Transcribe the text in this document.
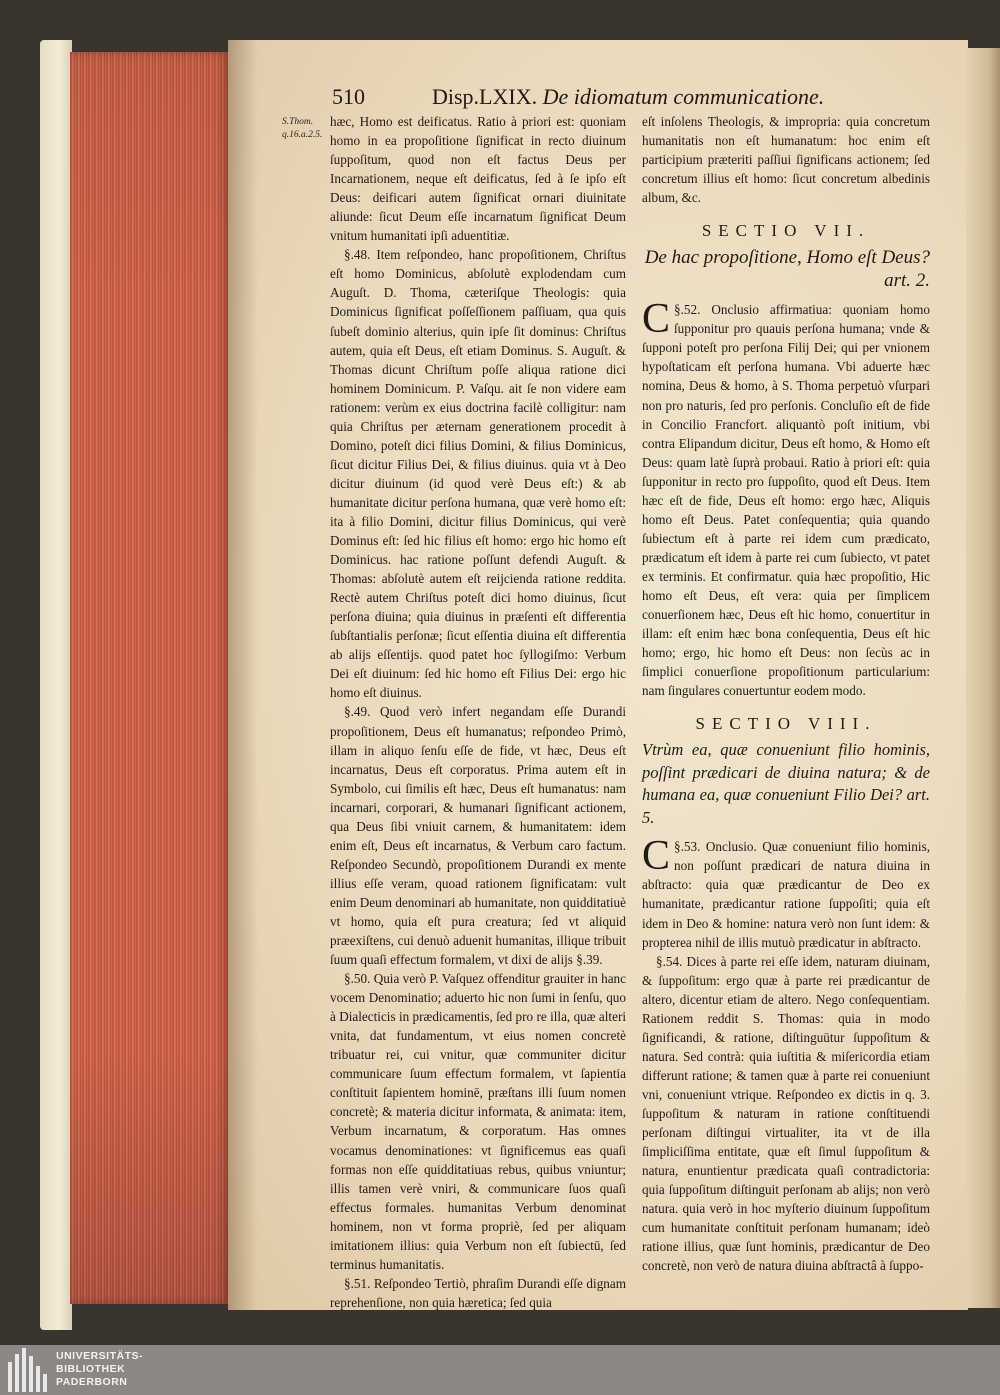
510	Disp.LXIX. De idiomatum communicatione.
S.Thom. q.16.a.2.5.

hæc, Homo est deificatus. Ratio à priori est: quoniam homo in ea propoſitione ſignificat in recto diuinum ſuppoſitum, quod non eſt factus Deus per Incarnationem, neque eſt deificatus, ſed à ſe ipſo eſt Deus: deificari autem ſignificat ornari diuinitate aliunde: ſicut Deum eſſe incarnatum ſignificat Deum vnitum humanitati ipſi aduentitiæ.

§.48. Item reſpondeo, hanc propoſitionem, Chriſtus eſt homo Dominicus, abſolutè explodendam cum Auguſt. D. Thoma, cæteriſque Theologis: quia Dominicus ſignificat poſſeſſionem paſſiuam, qua quis ſubeſt dominio alterius, quin ipſe ſit dominus: Chriſtus autem, quia eſt Deus, eſt etiam Dominus. S. Auguſt. & Thomas dicunt Chriſtum poſſe aliqua ratione dici hominem Dominicum. P. Vaſqu. ait ſe non videre eam rationem: verùm ex eius doctrina facilè colligitur: nam quia Chriſtus per æternam generationem procedit à Domino, poteſt dici filius Domini, & filius Dominicus, ſicut dicitur Filius Dei, & filius diuinus. quia vt à Deo dicitur diuinum (id quod verè Deus eſt:) & ab humanitate dicitur perſona humana, quæ verè homo eſt: ita à filio Domini, dicitur filius Dominicus, qui verè Dominus eſt: ſed hic filius eſt homo: ergo hic homo eſt Dominicus. hac ratione poſſunt defendi Auguſt. & Thomas: abſolutè autem eſt reijcienda ratione reddita. Rectè autem Chriſtus poteſt dici homo diuinus, ſicut perſona diuina; quia diuinus in præſenti eſt differentia ſubſtantialis perſonæ; ſicut eſſentia diuina eſt differentia ab alijs eſſentijs. quod patet hoc ſyllogiſmo: Verbum Dei eſt diuinum: ſed hic homo eſt Filius Dei: ergo hic homo eſt diuinus.

§.49. Quod verò infert negandam eſſe Durandi propoſitionem, Deus eſt humanatus; reſpondeo Primò, illam in aliquo ſenſu eſſe de fide, vt hæc, Deus eſt incarnatus, Deus eſt corporatus. Prima autem eſt in Symbolo, cui ſimilis eſt hæc, Deus eſt humanatus: nam incarnari, corporari, & humanari ſignificant actionem, qua Deus ſibi vniuit carnem, & humanitatem: idem enim eſt, Deus eſt incarnatus, & Verbum caro factum. Reſpondeo Secundò, propoſitionem Durandi ex mente illius eſſe veram, quoad rationem ſignificatam: vult enim Deum denominari ab humanitate, non quidditatiuè vt homo, quia eſt pura creatura; ſed vt aliquid præexiſtens, cui denuò aduenit humanitas, illique tribuit ſuum quaſi effectum formalem, vt dixi de alijs §.39.

§.50. Quia verò P. Vaſquez offenditur grauiter in hanc vocem Denominatio; aduerto hic non ſumi in ſenſu, quo à Dialecticis in prædicamentis, ſed pro re illa, quæ alteri vnita, dat fundamentum, vt eius nomen concretè tribuatur rei, cui vnitur, quæ communiter dicitur communicare ſuum effectum formalem, vt ſapientia conſtituit ſapientem hominē, præſtans illi ſuum nomen concretè; & materia dicitur informata, & animata: item, Verbum incarnatum, & corporatum. Has omnes vocamus denominationes: vt ſignificemus eas quaſi formas non eſſe quidditatiuas rebus, quibus vniuntur; illis tamen verè vniri, & communicare ſuos quaſi effectus formales. humanitas Verbum denominat hominem, non vt forma propriè, ſed per aliquam imitationem illius: quia Verbum non eſt ſubiectū, ſed terminus humanitatis.

§.51. Reſpondeo Tertiò, phraſim Durandi eſſe dignam reprehenſione, non quia hæretica; ſed quia

eſt inſolens Theologis, & impropria: quia concretum humanitatis non eſt humanatum: hoc enim eſt participium præteriti paſſiui ſignificans actionem; ſed concretum illius eſt homo: ſicut concretum albedinis album, &c.

SECTIO VII.
De hac propoſitione, Homo eſt Deus? art. 2.

§.52.
C	Onclusio affirmatiua: quoniam homo ſupponitur pro quauis perſona humana; vnde & ſupponi poteſt pro perſona Filij Dei; qui per vnionem hypoſtaticam eſt perſona humana. Vbi aduerte hæc nomina, Deus & homo, à S. Thoma perpetuò vſurpari non pro naturis, ſed pro perſonis. Concluſio eſt de fide in Concilio Francfort. aliquantò poſt initium, vbi contra Elipandum dicitur, Deus eſt homo, & Homo eſt Deus: quam latè ſuprà probaui. Ratio à priori eſt: quia ſupponitur in recto pro ſuppoſito, quod eſt Deus. Item hæc eſt de fide, Deus eſt homo: ergo hæc, Aliquis homo eſt Deus. Patet conſequentia; quia quando ſubiectum eſt à parte rei idem cum prædicato, prædicatum eſt idem à parte rei cum ſubiecto, vt patet ex terminis. Et confirmatur. quia hæc propoſitio, Hic homo eſt Deus, eſt vera: quia per ſimplicem conuerſionem hæc, Deus eſt hic homo, conuertitur in illam: eſt enim hæc bona conſequentia, Deus eſt hic homo; ergo, hic homo eſt Deus: non ſecùs ac in ſimplici conuerſione propoſitionum particularium: nam ſingulares conuertuntur eodem modo.

SECTIO VIII.
Vtrùm ea, quæ conueniunt filio hominis, poſſint prædicari de diuina natura; & de humana ea, quæ conueniunt Filio Dei? art. 5.

§.53.
C	Onclusio. Quæ conueniunt filio hominis, non poſſunt prædicari de natura diuina in abſtracto: quia quæ prædicantur de Deo ex humanitate, prædicantur ratione ſuppoſiti; quia eſt idem in Deo & homine: natura verò non ſunt idem: & propterea nihil de illis mutuò prædicatur in abſtracto.

§.54. Dices à parte rei eſſe idem, naturam diuinam, & ſuppoſitum: ergo quæ à parte rei prædicantur de altero, dicentur etiam de altero. Nego conſequentiam. Rationem reddit S. Thomas: quia in modo ſignificandi, & ratione, diſtinguūtur ſuppoſitum & natura. Sed contrà: quia iuſtitia & miſericordia etiam differunt ratione; & tamen quæ à parte rei conueniunt vni, conueniunt vtrique. Reſpondeo ex dictis in q. 3. ſuppoſitum & naturam in ratione conſtituendi perſonam diſtingui virtualiter, ita vt de illa ſimpliciſſima entitate, quæ eſt ſimul ſuppoſitum & natura, enuntientur prædicata quaſi contradictoria: quia ſuppoſitum diſtinguit perſonam ab alijs; non verò natura. quia verò in hoc myſterio diuinum ſuppoſitum cum humanitate conſtituit perſonam humanam; ideò ratione illius, quæ ſunt hominis, prædicantur de Deo concretè, non verò de natura diuina abſtractâ à ſuppo-

UNIVERSITÄTS-
BIBLIOTHEK
PADERBORN
